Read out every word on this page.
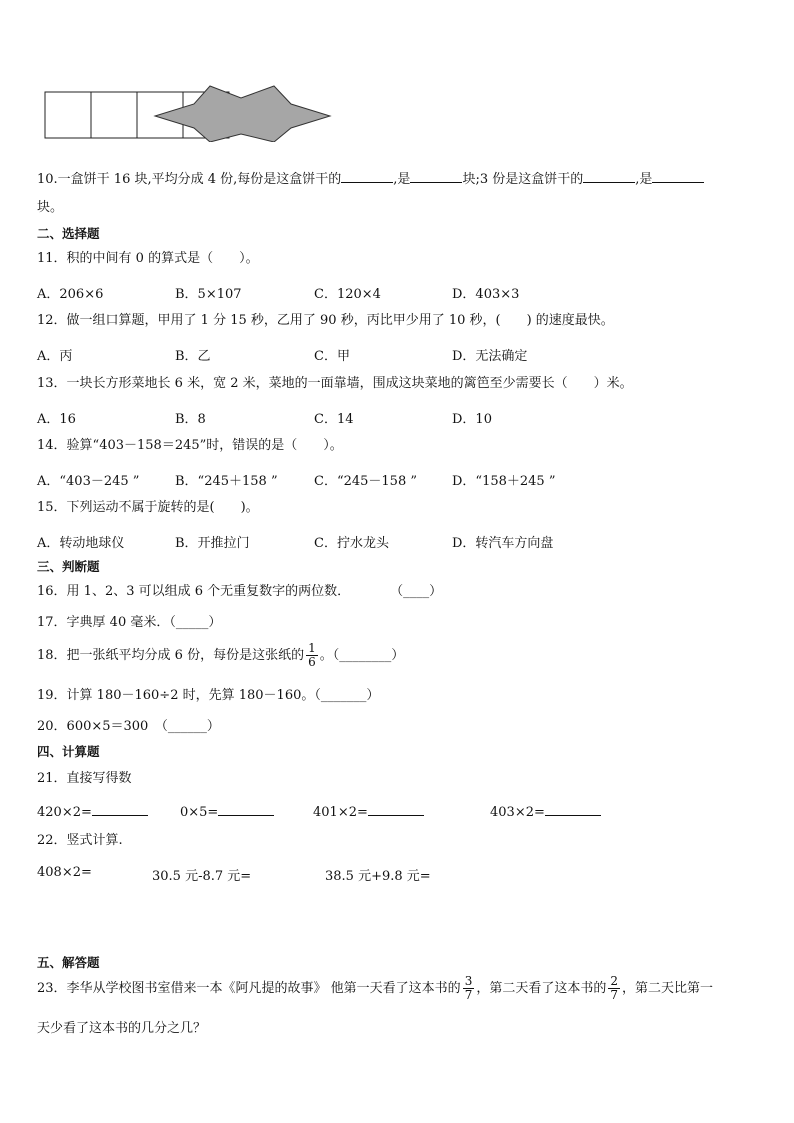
10.一盒饼干 16 块,平均分成 4 份,每份是这盒饼干的	,是	块;3 份是这盒饼干的	,是
块。
二、选择题
11．积的中间有 0 的算式是（　　）。
A．206×6	B．5×107	C．120×4	D．403×3
12．做一组口算题，甲用了 1 分 15 秒，乙用了 90 秒，丙比甲少用了 10 秒，(　　) 的速度最快。
A．丙	B．乙	C．甲	D．无法确定
13．一块长方形菜地长 6 米，宽 2 米，菜地的一面靠墙，围成这块菜地的篱笆至少需要长（　　）米。
A．16	B．8	C．14	D．10
14．验算“403－158＝245”时，错误的是（　　）。
A．“403－245 ”	B．“245＋158 ”	C．“245－158 ”	D．“158＋245 ”
15．下列运动不属于旋转的是(　　)。
A．转动地球仪	B．开推拉门	C．拧水龙头	D．转汽车方向盘
三、判断题
16．用 1、2、3 可以组成 6 个无重复数字的两位数．	（____）
17．字典厚 40 毫米．（_____）
18．把一张纸平均分成 6 份，每份是这张纸的 $\frac{1}{6}$ 。（________）
19．计算 180－160÷2 时，先算 180－160。（_______）
20．600×5＝300　（______）
四、计算题
21．直接写得数
420×2=	0×5=	401×2=	403×2=
22．竖式计算.
408×2=	30.5 元-8.7 元=	38.5 元+9.8 元=
五、解答题
23．李华从学校图书室借来一本《阿凡提的故事》 他第一天看了这本书的 $\frac{3}{7}$ ，第二天看了这本书的 $\frac{2}{7}$ ，第二天比第一
天少看了这本书的几分之几？
